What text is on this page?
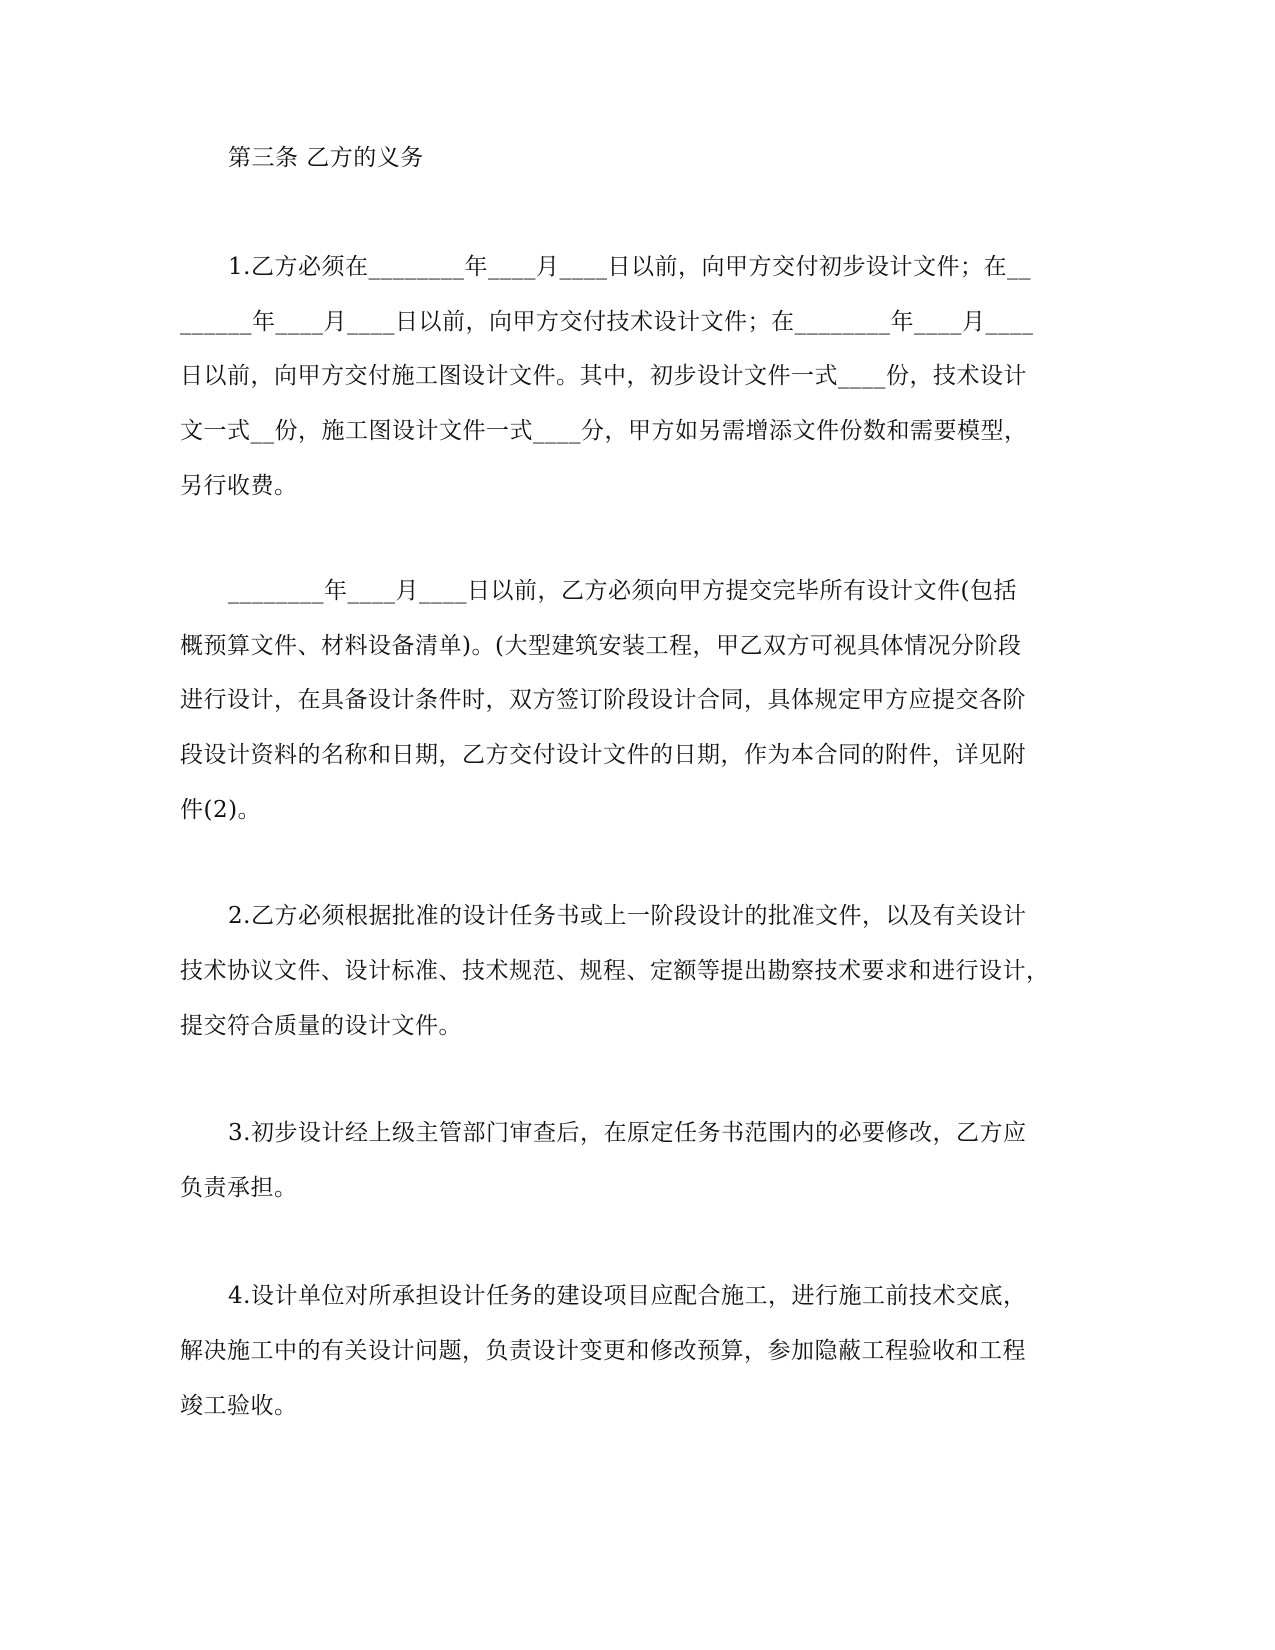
第三条 乙方的义务
1.乙方必须在________年____月____日以前，向甲方交付初步设计文件；在__
______年____月____日以前，向甲方交付技术设计文件；在________年____月____
日以前，向甲方交付施工图设计文件。其中，初步设计文件一式____份，技术设计
文一式__份，施工图设计文件一式____分，甲方如另需增添文件份数和需要模型，
另行收费。
________年____月____日以前，乙方必须向甲方提交完毕所有设计文件(包括
概预算文件、材料设备清单)。(大型建筑安装工程，甲乙双方可视具体情况分阶段
进行设计，在具备设计条件时，双方签订阶段设计合同，具体规定甲方应提交各阶
段设计资料的名称和日期，乙方交付设计文件的日期，作为本合同的附件，详见附
件(2)。
2.乙方必须根据批准的设计任务书或上一阶段设计的批准文件，以及有关设计
技术协议文件、设计标准、技术规范、规程、定额等提出勘察技术要求和进行设计，
提交符合质量的设计文件。
3.初步设计经上级主管部门审查后，在原定任务书范围内的必要修改，乙方应
负责承担。
4.设计单位对所承担设计任务的建设项目应配合施工，进行施工前技术交底，
解决施工中的有关设计问题，负责设计变更和修改预算，参加隐蔽工程验收和工程
竣工验收。
